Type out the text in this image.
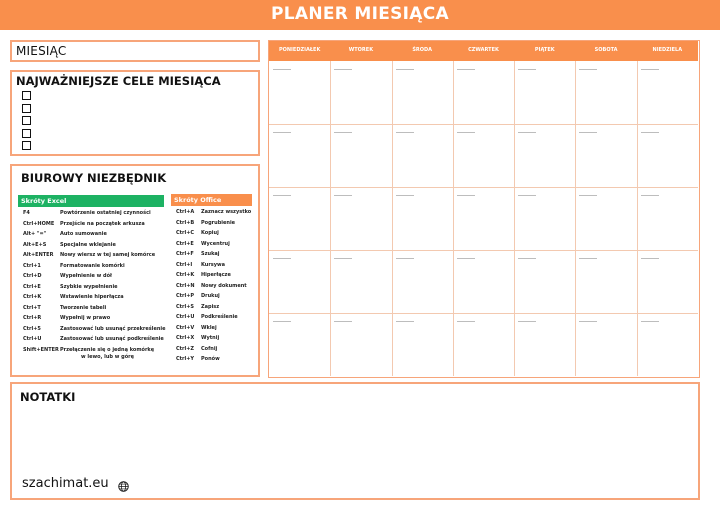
PLANER MIESIĄCA
MIESIĄC
NAJWAŻNIEJSZE CELE MIESIĄCA
BIUROWY NIEZBĘDNIK
Skróty Excel	Skróty Office
F4	Powtórzenie ostatniej czynności
Ctrl+HOME Przejście na początek arkusza
Alt+ "="	Auto sumowanie
Alt+E+S	Specjalne wklejanie
Alt+ENTER Nowy wiersz w tej samej komórce
Ctrl+1	Formatowanie komórki
Ctrl+D	Wypełnienie w dół
Ctrl+E	Szybkie wypełnienie
Ctrl+K	Wstawienie hiperłącza
Ctrl+T	Tworzenie tabeli
Ctrl+R	Wypełnij w prawo
Ctrl+5	Zastosować lub usunąć przekreślenie
Ctrl+U	Zastosować lub usunąć podkreślenie
Shift+ENTER Przełączenie się o jedną komórkę
w lewo, lub w górę
Ctrl+A Zaznacz wszystko
Ctrl+B Pogrubienie
Ctrl+C Kopiuj
Ctrl+E Wycentruj
Ctrl+F Szukaj
Ctrl+I Kursywa
Ctrl+K Hiperłącze
Ctrl+N Nowy dokument
Ctrl+P Drukuj
Ctrl+S Zapisz
Ctrl+U Podkreślenie
Ctrl+V Wklej
Ctrl+X Wytnij
Ctrl+Z Cofnij
Ctrl+Y Ponów
PONIEDZIAŁEK	WTOREK	ŚRODA	CZWARTEK	PIĄTEK	SOBOTA	NIEDZIELA
NOTATKI
szachimat.eu
